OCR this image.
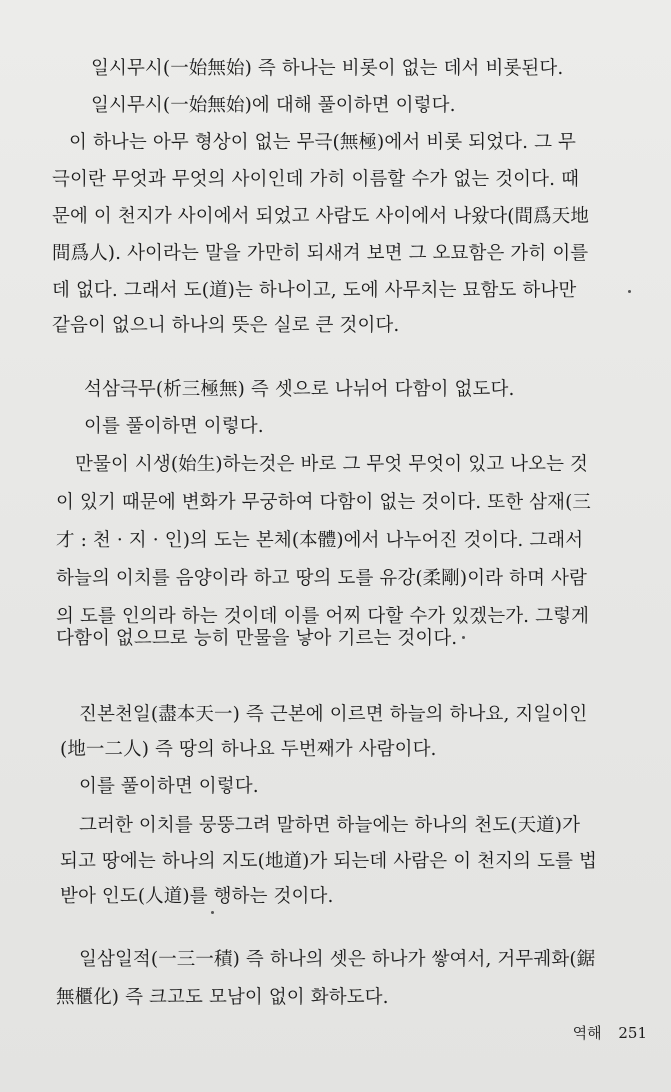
일시무시(一始無始) 즉 하나는 비롯이 없는 데서 비롯된다.
일시무시(一始無始)에 대해 풀이하면 이렇다.
이 하나는 아무 형상이 없는 무극(無極)에서 비롯 되었다. 그 무
극이란 무엇과 무엇의 사이인데 가히 이름할 수가 없는 것이다. 때
문에 이 천지가 사이에서 되었고 사람도 사이에서 나왔다(間爲天地
間爲人). 사이라는 말을 가만히 되새겨 보면 그 오묘함은 가히 이를
데 없다. 그래서 도(道)는 하나이고, 도에 사무치는 묘함도 하나만
같음이 없으니 하나의 뜻은 실로 큰 것이다.
석삼극무(析三極無) 즉 셋으로 나뉘어 다함이 없도다.
이를 풀이하면 이렇다.
만물이 시생(始生)하는것은 바로 그 무엇 무엇이 있고 나오는 것
이 있기 때문에 변화가 무궁하여 다함이 없는 것이다. 또한 삼재(三
才 : 천 · 지 · 인)의 도는 본체(本體)에서 나누어진 것이다. 그래서
하늘의 이치를 음양이라 하고 땅의 도를 유강(柔剛)이라 하며 사람
의 도를 인의라 하는 것이데 이를 어찌 다할 수가 있겠는가. 그렇게
다함이 없으므로 능히 만물을 낳아 기르는 것이다.
진본천일(盡本天一) 즉 근본에 이르면 하늘의 하나요, 지일이인
(地一二人) 즉 땅의 하나요 두번째가 사람이다.
이를 풀이하면 이렇다.
그러한 이치를 뭉뚱그려 말하면 하늘에는 하나의 천도(天道)가
되고 땅에는 하나의 지도(地道)가 되는데 사람은 이 천지의 도를 법
받아 인도(人道)를 행하는 것이다.
일삼일적(一三一積) 즉 하나의 셋은 하나가 쌓여서, 거무궤화(鋸
無櫃化) 즉 크고도 모남이 없이 화하도다.
역해 251
